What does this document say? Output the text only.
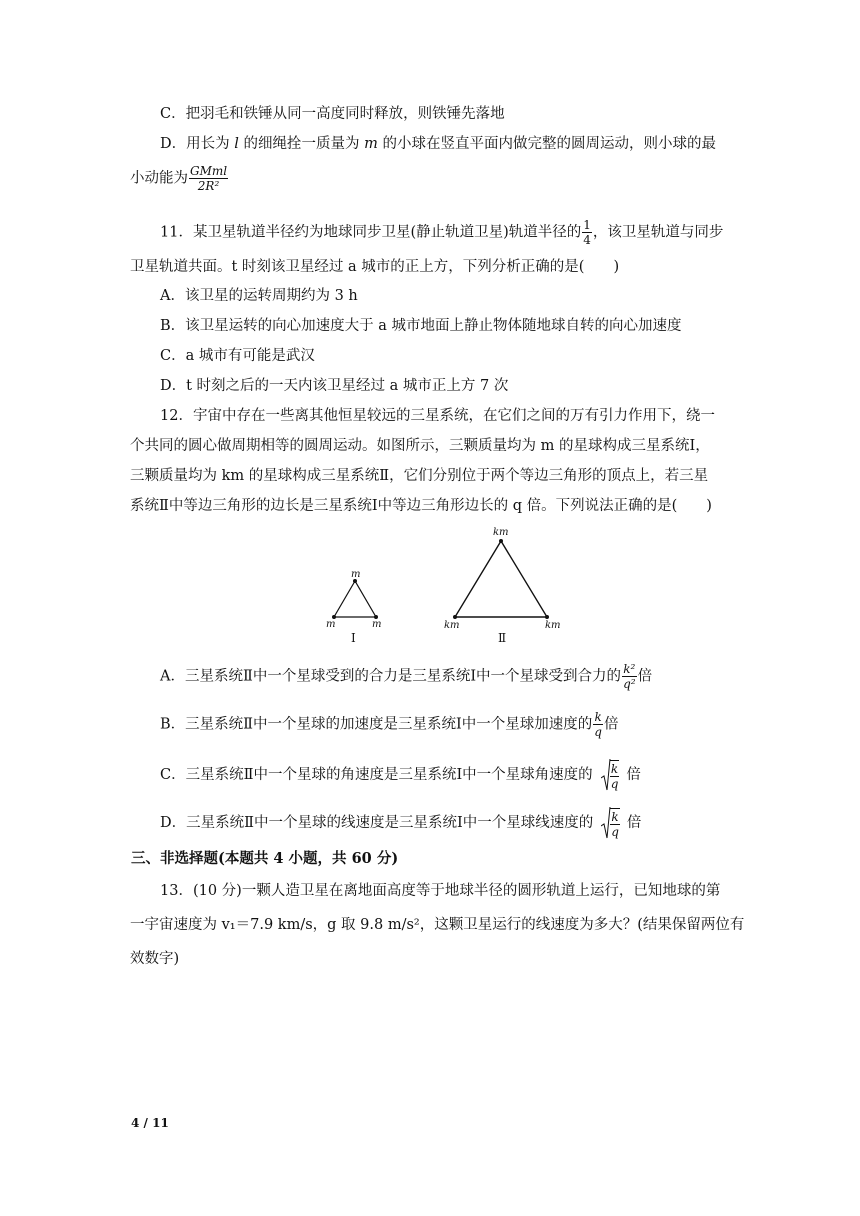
C．把羽毛和铁锤从同一高度同时释放，则铁锤先落地
D．用长为 l 的细绳拴一质量为 m 的小球在竖直平面内做完整的圆周运动，则小球的最
小动能为 $\frac{\text{GMml}}{\text{2R²}}$
11．某卫星轨道半径约为地球同步卫星(静止轨道卫星)轨道半径的 $\frac{1}{4}$ ，该卫星轨道与同步
卫星轨道共面。t 时刻该卫星经过 a 城市的正上方，下列分析正确的是(　　)
A．该卫星的运转周期约为 3 h
B．该卫星运转的向心加速度大于 a 城市地面上静止物体随地球自转的向心加速度
C．a 城市有可能是武汉
D．t 时刻之后的一天内该卫星经过 a 城市正上方 7 次
12．宇宙中存在一些离其他恒星较远的三星系统，在它们之间的万有引力作用下，绕一
个共同的圆心做周期相等的圆周运动。如图所示，三颗质量均为 m 的星球构成三星系统Ⅰ，
三颗质量均为 km 的星球构成三星系统Ⅱ，它们分别位于两个等边三角形的顶点上，若三星
系统Ⅱ中等边三角形的边长是三星系统Ⅰ中等边三角形边长的 q 倍。下列说法正确的是(　　)
m
m	m
Ⅰ
km
km	km
Ⅱ
A．三星系统Ⅱ中一个星球受到的合力是三星系统Ⅰ中一个星球受到合力的 $\frac{\text{k²}}{\text{q²}}$ 倍
B．三星系统Ⅱ中一个星球的加速度是三星系统Ⅰ中一个星球加速度的 $\frac{k}{q}$ 倍
C．三星系统Ⅱ中一个星球的角速度是三星系统Ⅰ中一个星球角速度的 $\frac{k}{q}$ 倍
D．三星系统Ⅱ中一个星球的线速度是三星系统Ⅰ中一个星球线速度的 $\frac{k}{q}$ 倍
三、非选择题(本题共 4 小题，共 60 分)
13．(10 分)一颗人造卫星在离地面高度等于地球半径的圆形轨道上运行，已知地球的第
一宇宙速度为 v₁＝7.9 km/s，g 取 9.8 m/s²，这颗卫星运行的线速度为多大？(结果保留两位有
效数字)
4 / 11
